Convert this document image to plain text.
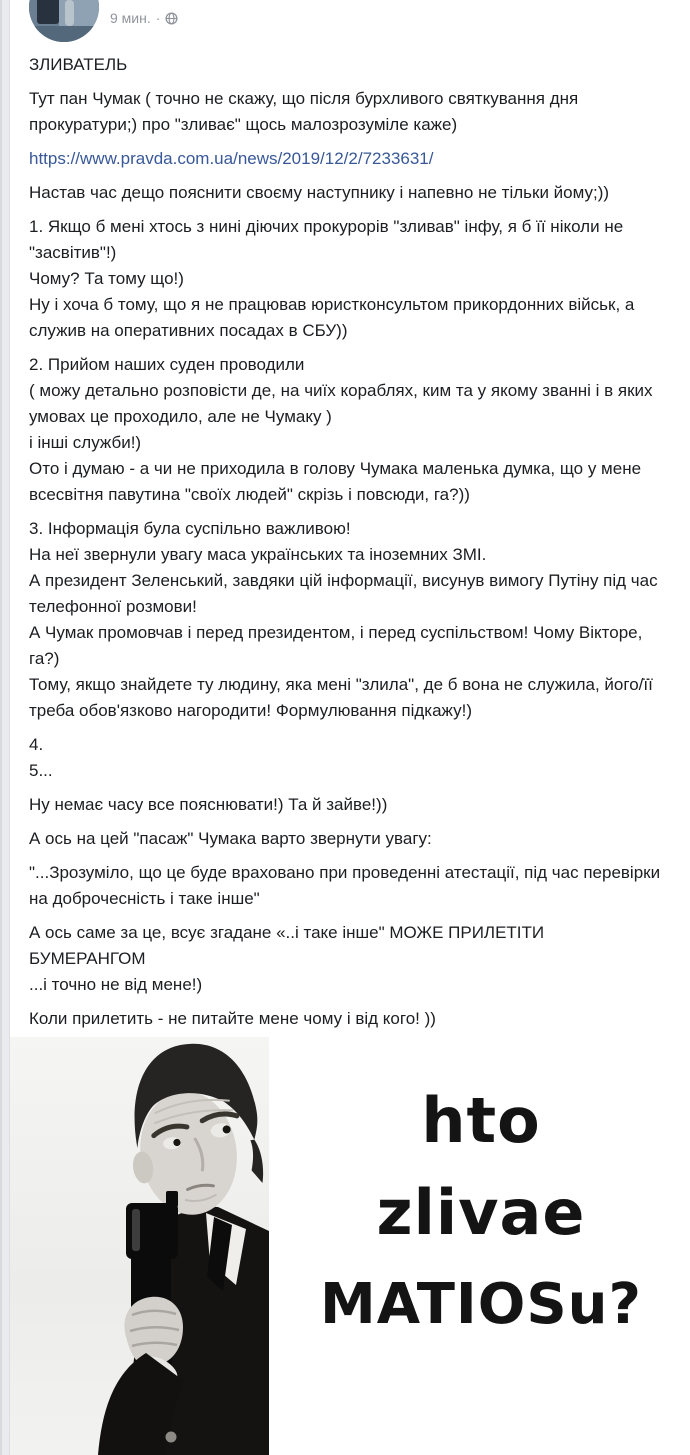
9 мин. ·
ЗЛИВАТЕЛЬ
Тут пан Чумак ( точно не скажу, що після бурхливого святкування дня прокуратури;) про "зливає" щось малозрозуміле каже)
https://www.pravda.com.ua/news/2019/12/2/7233631/
Настав час дещо пояснити своєму наступнику і напевно не тільки йому;))
1. Якщо б мені хтось з нині діючих прокурорів "зливав" інфу, я б її ніколи не "засвітив"!)
Чому? Та тому що!)
Ну і хоча б тому, що я не працював юристконсультом прикордонних військ, а служив на оперативних посадах в СБУ))
2. Прийом наших суден проводили
( можу детально розповісти де, на чиїх кораблях, ким та у якому званні і в яких умовах це проходило, але не Чумаку )
і інші служби!)
Ото і думаю - а чи не приходила в голову Чумака маленька думка, що у мене всесвітня павутина "своїх людей" скрізь і повсюди, га?))
3. Інформація була суспільно важливою!
На неї звернули увагу маса українських та іноземних ЗМІ.
А президент Зеленський, завдяки цій інформації, висунув вимогу Путіну під час телефонної розмови!
А Чумак промовчав і перед президентом, і перед суспільством! Чому Вікторе, га?)
Тому, якщо знайдете ту людину, яка мені "злила", де б вона не служила, його/її треба обов'язково нагородити! Формулювання підкажу!)
4.
5...
Ну немає часу все пояснювати!) Та й зайве!))
А ось на цей "пасаж" Чумака варто звернути увагу:
"...Зрозуміло, що це буде враховано при проведенні атестації, під час перевірки на доброчесність і таке інше"
А ось саме за це, всує згадане «..і таке інше" МОЖЕ ПРИЛЕТІТИ БУМЕРАНГОМ
...і точно не від мене!)
Коли прилетить - не питайте мене чому і від кого! ))
hto
zlivae
MATIOSu?
